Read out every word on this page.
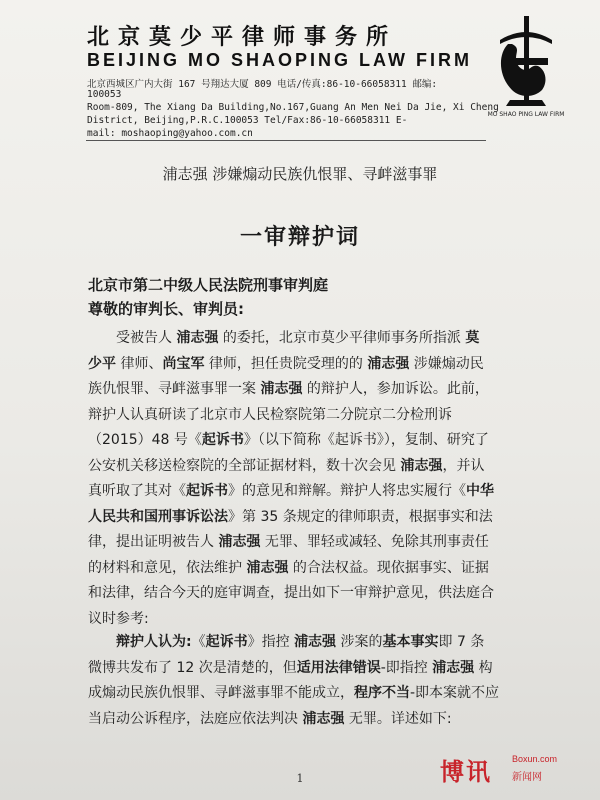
北京莫少平律师事务所
BEIJING MO SHAOPING LAW FIRM
北京西城区广内大街 167 号翔达大厦 809 电话/传真:86-10-66058311 邮编:
100053
Room-809, The Xiang Da Building,No.167,Guang An Men Nei Da Jie, Xi Cheng
District, Beijing,P.R.C.100053 Tel/Fax:86-10-66058311 E-
mail: moshaoping@yahoo.com.cn
MO SHAO PING LAW FIRM
浦志强 涉嫌煽动民族仇恨罪、寻衅滋事罪
一审辩护词
北京市第二中级人民法院刑事审判庭
尊敬的审判长、审判员:
受被告人 浦志强 的委托，北京市莫少平律师事务所指派 莫
少平 律师、尚宝军 律师，担任贵院受理的的 浦志强 涉嫌煽动民
族仇恨罪、寻衅滋事罪一案 浦志强 的辩护人，参加诉讼。此前，
辩护人认真研读了北京市人民检察院第二分院京二分检刑诉
（2015）48 号《起诉书》（以下简称《起诉书》），复制、研究了
公安机关移送检察院的全部证据材料，数十次会见 浦志强，并认
真听取了其对《起诉书》的意见和辩解。辩护人将忠实履行《中华
人民共和国刑事诉讼法》第 35 条规定的律师职责，根据事实和法
律，提出证明被告人 浦志强 无罪、罪轻或减轻、免除其刑事责任
的材料和意见，依法维护 浦志强 的合法权益。现依据事实、证据
和法律，结合今天的庭审调查，提出如下一审辩护意见，供法庭合
议时参考:
辩护人认为:《起诉书》指控 浦志强 涉案的基本事实即 7 条
微博共发布了 12 次是清楚的，但适用法律错误-即指控 浦志强 构
成煽动民族仇恨罪、寻衅滋事罪不能成立，程序不当-即本案就不应
当启动公诉程序，法庭应依法判决 浦志强 无罪。详述如下:
1	博讯 Boxun.com
新闻网
